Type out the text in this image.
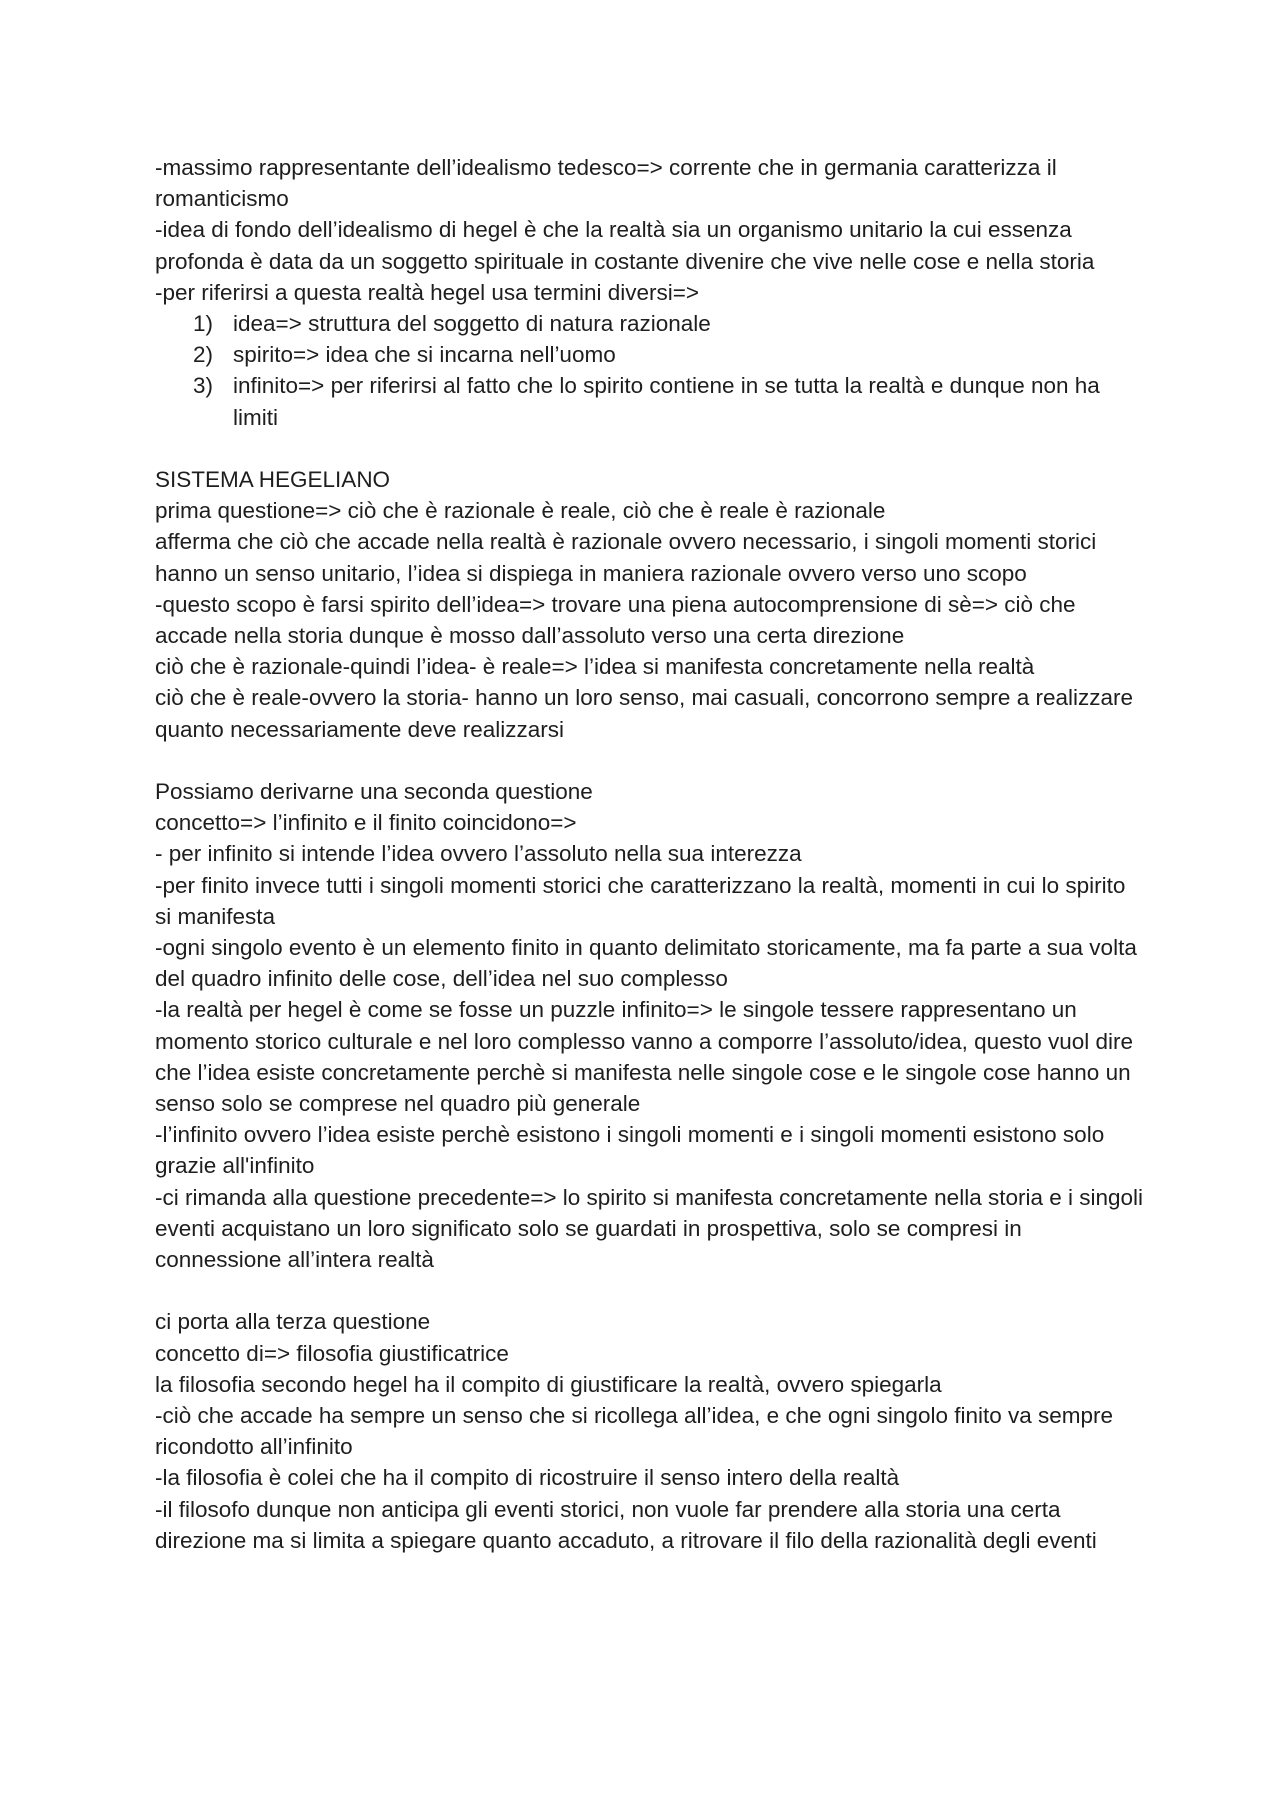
-massimo rappresentante dell’idealismo tedesco=> corrente che in germania caratterizza il romanticismo
-idea di fondo dell’idealismo di hegel è che la realtà sia un organismo unitario la cui essenza profonda è data da un soggetto spirituale in costante divenire che vive nelle cose e nella storia
-per riferirsi a questa realtà hegel usa termini diversi=>
1) idea=> struttura del soggetto di natura razionale
2) spirito=> idea che si incarna nell’uomo
3) infinito=> per riferirsi al fatto che lo spirito contiene in se tutta la realtà e dunque non ha limiti
SISTEMA HEGELIANO
prima questione=> ciò che è razionale è reale, ciò che è reale è razionale
afferma che ciò che accade nella realtà è razionale ovvero necessario, i singoli momenti storici hanno un senso unitario, l’idea si dispiega in maniera razionale ovvero verso uno scopo
-questo scopo è farsi spirito dell’idea=> trovare una piena autocomprensione di sè=> ciò che accade nella storia dunque è mosso dall’assoluto verso una certa direzione
ciò che è razionale-quindi l’idea- è reale=> l’idea si manifesta concretamente nella realtà
ciò che è reale-ovvero la storia- hanno un loro senso, mai casuali, concorrono sempre a realizzare quanto necessariamente deve realizzarsi
Possiamo derivarne una seconda questione
concetto=> l’infinito e il finito coincidono=>
- per infinito si intende l’idea ovvero l’assoluto nella sua interezza
-per finito invece tutti i singoli momenti storici che caratterizzano la realtà, momenti in cui lo spirito si manifesta
-ogni singolo evento è un elemento finito in quanto delimitato storicamente, ma fa parte a sua volta del quadro infinito delle cose, dell’idea nel suo complesso
-la realtà per hegel è come se fosse un puzzle infinito=> le singole tessere rappresentano un momento storico culturale e nel loro complesso vanno a comporre l’assoluto/idea, questo vuol dire che l’idea esiste concretamente perchè si manifesta nelle singole cose e le singole cose hanno un senso solo se comprese nel quadro più generale
-l’infinito ovvero l’idea esiste perchè esistono i singoli momenti e i singoli momenti esistono solo grazie all'infinito
-ci rimanda alla questione precedente=> lo spirito si manifesta concretamente nella storia e i singoli eventi acquistano un loro significato solo se guardati in prospettiva, solo se compresi in connessione all’intera realtà
ci porta alla terza questione
concetto di=> filosofia giustificatrice
la filosofia secondo hegel ha il compito di giustificare la realtà, ovvero spiegarla
-ciò che accade ha sempre un senso che si ricollega all’idea, e che ogni singolo finito va sempre ricondotto all’infinito
-la filosofia è colei che ha il compito di ricostruire il senso intero della realtà
-il filosofo dunque non anticipa gli eventi storici, non vuole far prendere alla storia una certa direzione ma si limita a spiegare quanto accaduto, a ritrovare il filo della razionalità degli eventi
